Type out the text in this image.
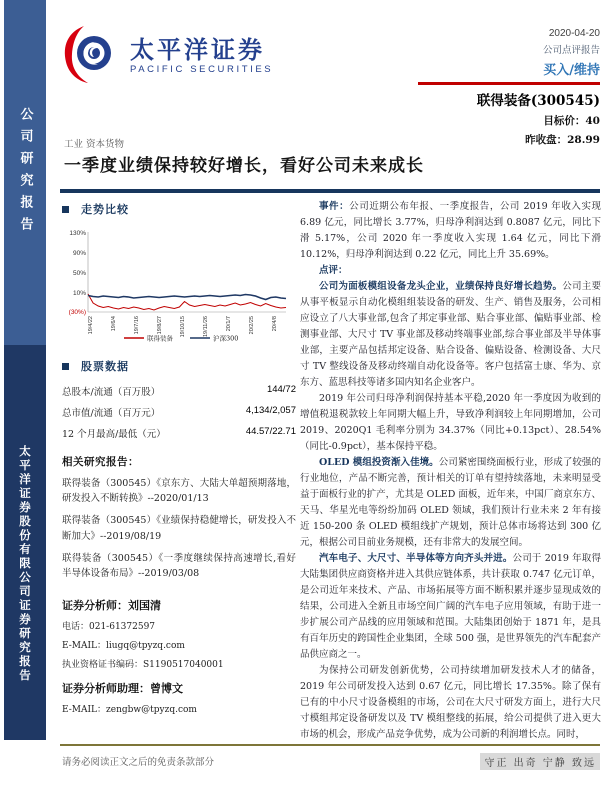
公司研究报告
太平洋证券股份有限公司证券研究报告
太平洋证券
PACIFIC SECURITIES
2020-04-20
公司点评报告
买入/维持
联得装备(300545)
目标价：40
昨收盘：28.99
工业 资本货物
一季度业绩保持较好增长，看好公司未来成长
走势比较
130%
90%
50%
10%
(30%)
19/4/22	19/6/4	19/7/16	19/8/27	19/10/15	19/11/26	20/1/7	20/2/25	20/4/8
联得装备	沪深300
股票数据
总股本/流通（百万股）	144/72
总市值/流通（百万元）	4,134/2,057
12 个月最高/最低（元）	44.57/22.71
相关研究报告：
联得装备（300545）《京东方、大陆大单超预期落地，研发投入不断转换》--2020/01/13
联得装备（300545）《业绩保持稳健增长，研发投入不断加大》--2019/08/19
联得装备（300545）《一季度继续保持高速增长,看好半导体设备布局》--2019/03/08
证券分析师：刘国清
电话：021-61372597
E-MAIL：liugq@tpyzq.com
执业资格证书编码：S1190517040001
证券分析师助理：曾博文
E-MAIL：zengbw@tpyzq.com

事件：公司近期公布年报、一季度报告，公司 2019 年收入实现 6.89 亿元，同比增长 3.77%，归母净利润达到 0.8087 亿元，同比下滑 5.17%，公司 2020 年一季度收入实现 1.64 亿元，同比下滑 10.12%，归母净利润达到 0.22 亿元，同比上升 35.69%。

点评：

公司为面板模组设备龙头企业，业绩保持良好增长趋势。公司主要从事平板显示自动化模组组装设备的研发、生产、销售及服务，公司相应设立了八大事业部,包含了邦定事业部、贴合事业部、偏贴事业部、检测事业部、大尺寸 TV 事业部及移动终端事业部,综合事业部及半导体事业部，主要产品包括邦定设备、贴合设备、偏贴设备、检测设备、大尺寸 TV 整线设备及移动终端自动化设备等。客户包括富士康、华为、京东方、蓝思科技等诸多国内知名企业客户。

2019 年公司归母净利润保持基本平稳,2020 年一季度因为收到的增值税退税款较上年同期大幅上升，导致净利润较上年同期增加，公司 2019、2020Q1 毛利率分别为 34.37%（同比+0.13pct）、28.54%（同比-0.9pct），基本保持平稳。

OLED 模组投资渐入佳境。公司紧密围绕面板行业，形成了较强的行业地位，产品不断完善，预计相关的订单有望持续落地，未来明显受益于面板行业的扩产，尤其是 OLED 面板，近年来，中国厂商京东方、天马、华星光电等纷纷加码 OLED 领域，我们预计行业未来 2 年有接近 150-200 条 OLED 模组线扩产规划，预计总体市场将达到 300 亿元，根据公司目前业务规模，还有非常大的发展空间。

汽车电子、大尺寸、半导体等方向齐头并进。公司于 2019 年取得大陆集团供应商资格并进入其供应链体系，共计获取 0.747 亿元订单，是公司近年来技术、产品、市场拓展等方面不断积累并逐步显现成效的结果，公司进入全新且市场空间广阔的汽车电子应用领域，有助于进一步扩展公司产品线的应用领域和范围。大陆集团创始于 1871 年，是具有百年历史的跨国性企业集团，全球 500 强，是世界领先的汽车配套产品供应商之一。

为保持公司研发创新优势，公司持续增加研发技术人才的储备，2019 年公司研发投入达到 0.67 亿元，同比增长 17.35%。除了保有已有的中小尺寸设备模组的市场，公司在大尺寸研发方面上，进行大尺寸模组邦定设备研发以及 TV 模组整线的拓展，给公司提供了进入更大市场的机会，形成产品竞争优势，成为公司新的利润增长点。同时，

请务必阅读正文之后的免责条款部分	守正 出奇 宁静 致远
